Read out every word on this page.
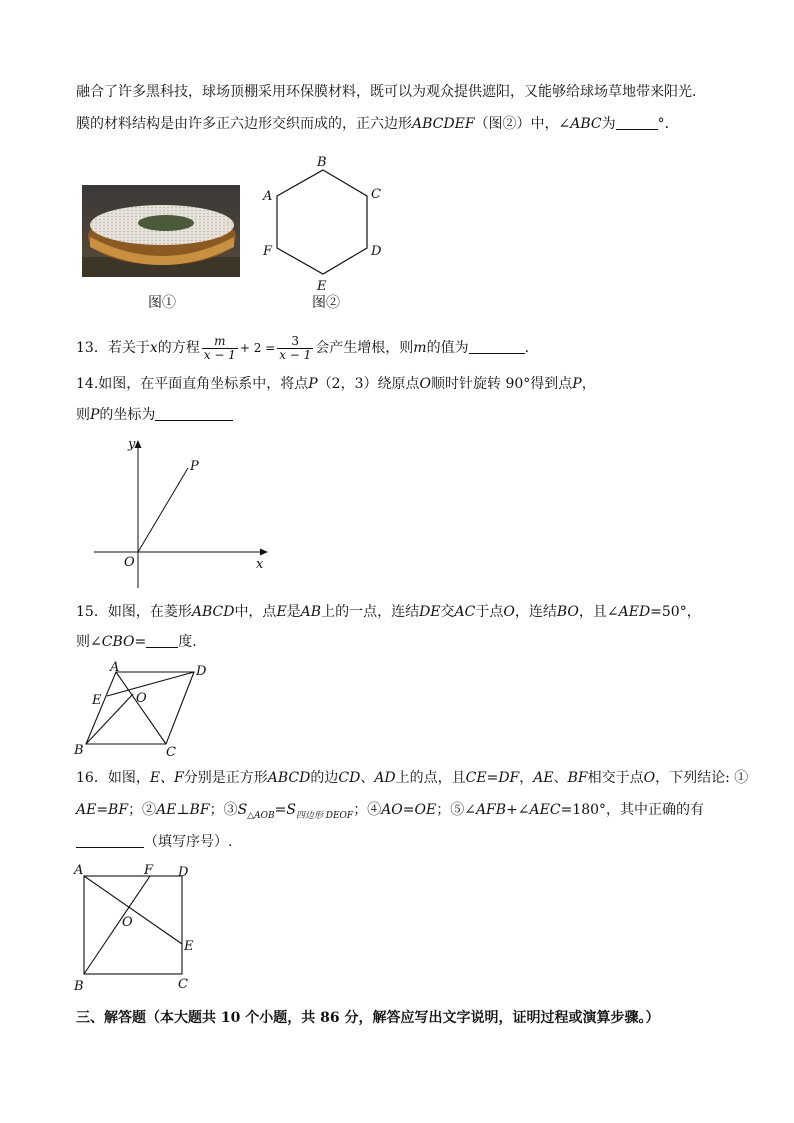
融合了许多黑科技，球场顶棚采用环保膜材料，既可以为观众提供遮阳，又能够给球场草地带来阳光．
膜的材料结构是由许多正六边形交织而成的，正六边形ABCDEF（图②）中，∠ABC为	°．
图①
B
C
D
E
F
A
图②
13．若关于x的方程 $\frac{m}{x - 1} + 2 = \frac{3}{x - 1}$ 会产生增根，则m的值为	．
14.如图，在平面直角坐标系中，将点P（2，3）绕原点O顺时针旋转 90°得到点P，
则P的坐标为
y
x
O
P
15．如图，在菱形ABCD中，点E是AB上的一点，连结DE交AC于点O，连结BO，且∠AED=50°，
则∠CBO= 度．
A	D
E	O
B	C
16．如图，E、F分别是正方形ABCD的边CD、AD上的点，且CE=DF，AE、BF相交于点O，下列结论: ①
AE=BF；②AE⊥BF；$③S_{\triangle AOB}=S_{四边形 DEOF}$；④AO=OE；⑤∠AFB+∠AEC=180°，其中正确的有
（填写序号）.
A	F D
O
E
B	C
三、解答题（本大题共 10 个小题，共 86 分，解答应写出文字说明，证明过程或演算步骤。）
